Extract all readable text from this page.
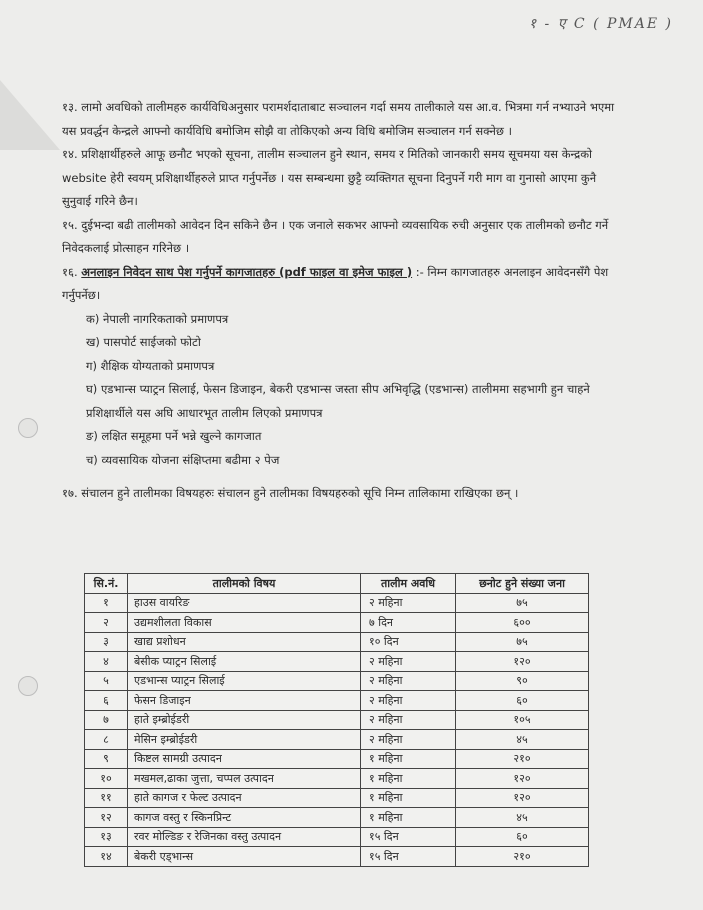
१ - ए C ( PMAE )

१३. लामो अवधिको तालीमहरु कार्यविधिअनुसार परामर्शदाताबाट सञ्चालन गर्दा समय तालीकाले यस आ.व. भित्रमा गर्न नभ्याउने भएमा यस प्रवर्द्धन केन्द्रले आफ्नो कार्यविधि बमोजिम सोझै वा तोकिएको अन्य विधि बमोजिम सञ्चालन गर्न सक्नेछ ।

१४. प्रशिक्षार्थीहरुले आफू छनौट भएको सूचना, तालीम सञ्चालन हुने स्थान, समय र मितिको जानकारी समय सूचमया यस केन्द्रको website हेरी स्वयम् प्रशिक्षार्थीहरुले प्राप्त गर्नुपर्नेछ । यस सम्बन्धमा छुट्टै व्यक्तिगत सूचना दिनुपर्ने गरी माग वा गुनासो आएमा कुनै सुनुवाई गरिने छैन।

१५. दुईभन्दा बढी तालीमको आवेदन दिन सकिने छैन । एक जनाले सकभर आफ्नो व्यवसायिक रुची अनुसार एक तालीमको छनौट गर्ने निवेदकलाई प्रोत्साहन गरिनेछ ।

१६. अनलाइन निवेदन साथ पेश गर्नुपर्ने कागजातहरु (pdf फाइल वा इमेज फाइल ) :- निम्न कागजातहरु अनलाइन आवेदनसँगै पेश गर्नुपर्नेछ।

क) नेपाली नागरिकताको प्रमाणपत्र
ख) पासपोर्ट साईजको फोटो
ग) शैक्षिक योग्यताको प्रमाणपत्र
घ) एडभान्स प्याट्रन सिलाई, फेसन डिजाइन, बेकरी एडभान्स जस्ता सीप अभिवृद्धि (एडभान्स) तालीममा सहभागी हुन चाहने प्रशिक्षार्थीले यस अघि आधारभूत तालीम लिएको प्रमाणपत्र
ङ) लक्षित समूहमा पर्ने भन्ने खुल्ने कागजात
च) व्यवसायिक योजना संक्षिप्तमा बढीमा २ पेज

१७. संचालन हुने तालीमका विषयहरुः संचालन हुने तालीमका विषयहरुको सूचि निम्न तालिकामा राखिएका छन् ।

सि.नं.	तालीमको विषय	तालीम अवधि	छनोट हुने संख्या जना
१	हाउस वायरिङ	२ महिना	७५
२	उद्यमशीलता विकास	७ दिन	६००
३	खाद्य प्रशोधन	१० दिन	७५
४	बेसीक प्याट्रन सिलाई	२ महिना	१२०
५	एडभान्स प्याट्रन सिलाई	२ महिना	९०
६	फेसन डिजाइन	२ महिना	६०
७	हाते इम्ब्रोईडरी	२ महिना	१०५
८	मेसिन इम्ब्रोईडरी	२ महिना	४५
९	किष्टल सामग्री उत्पादन	१ महिना	२१०
१०	मखमल,ढाका जुत्ता, चप्पल उत्पादन	१ महिना	१२०
११	हाते कागज र फेल्ट उत्पादन	१ महिना	१२०
१२	कागज वस्तु र स्किनप्रिन्ट	१ महिना	४५
१३	रवर मोल्डिङ र रेजिनका वस्तु उत्पादन	१५ दिन	६०
१४	बेकरी एड्भान्स	१५ दिन	२१०
